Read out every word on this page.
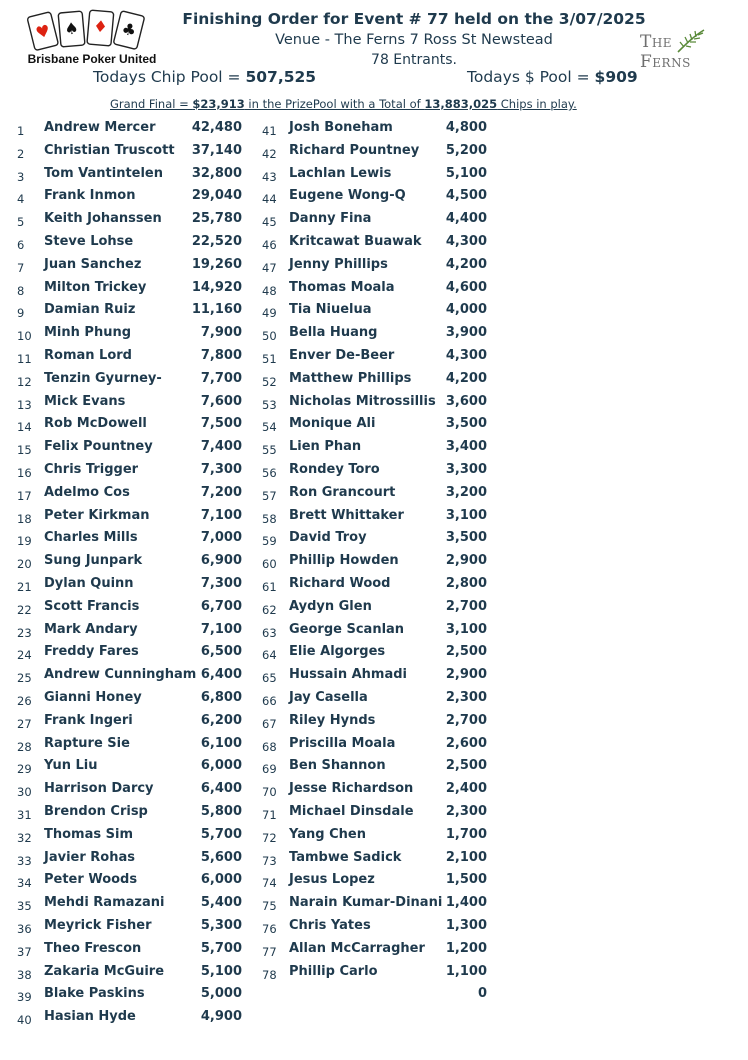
♥ ♠ ♦ ♣
Brisbane Poker United
THEFERNS
Finishing Order for Event # 77 held on the 3/07/2025
Venue - The Ferns 7 Ross St Newstead
78 Entrants.
Todays Chip Pool = 507,525	Todays $ Pool = $909
Grand Final = $23,913 in the PrizePool with a Total of 13,883,025 Chips in play.
1	Andrew Mercer	42,480
2	Christian Truscott	37,140
3	Tom Vantintelen	32,800
4	Frank Inmon	29,040
5	Keith Johanssen	25,780
6	Steve Lohse	22,520
7	Juan Sanchez	19,260
8	Milton Trickey	14,920
9	Damian Ruiz	11,160
10 Minh Phung	7,900
11 Roman Lord	7,800
12 Tenzin Gyurney-	7,700
13 Mick Evans	7,600
14 Rob McDowell	7,500
15 Felix Pountney	7,400
16 Chris Trigger	7,300
17 Adelmo Cos	7,200
18 Peter Kirkman	7,100
19 Charles Mills	7,000
20 Sung Junpark	6,900
21 Dylan Quinn	7,300
22 Scott Francis	6,700
23 Mark Andary	7,100
24 Freddy Fares	6,500
25 Andrew Cunningham 6,400
26 Gianni Honey	6,800
27 Frank Ingeri	6,200
28 Rapture Sie	6,100
29 Yun Liu	6,000
30 Harrison Darcy	6,400
31 Brendon Crisp	5,800
32 Thomas Sim	5,700
33 Javier Rohas	5,600
34 Peter Woods	6,000
35 Mehdi Ramazani	5,400
36 Meyrick Fisher	5,300
37 Theo Frescon	5,700
38 Zakaria McGuire	5,100
39 Blake Paskins	5,000
40 Hasian Hyde	4,900
41 Josh Boneham	4,800
42 Richard Pountney	5,200
43 Lachlan Lewis	5,100
44 Eugene Wong-Q	4,500
45 Danny Fina	4,400
46 Kritcawat Buawak	4,300
47 Jenny Phillips	4,200
48 Thomas Moala	4,600
49 Tia Niuelua	4,000
50 Bella Huang	3,900
51 Enver De-Beer	4,300
52 Matthew Phillips	4,200
53 Nicholas Mitrossillis 3,600
54 Monique Ali	3,500
55 Lien Phan	3,400
56 Rondey Toro	3,300
57 Ron Grancourt	3,200
58 Brett Whittaker	3,100
59 David Troy	3,500
60 Phillip Howden	2,900
61 Richard Wood	2,800
62 Aydyn Glen	2,700
63 George Scanlan	3,100
64 Elie Algorges	2,500
65 Hussain Ahmadi	2,900
66 Jay Casella	2,300
67 Riley Hynds	2,700
68 Priscilla Moala	2,600
69 Ben Shannon	2,500
70 Jesse Richardson	2,400
71 Michael Dinsdale	2,300
72 Yang Chen	1,700
73 Tambwe Sadick	2,100
74 Jesus Lopez	1,500
75 Narain Kumar-Dinani 1,400
76 Chris Yates	1,300
77 Allan McCarragher	1,200
78 Phillip Carlo	1,100
0
